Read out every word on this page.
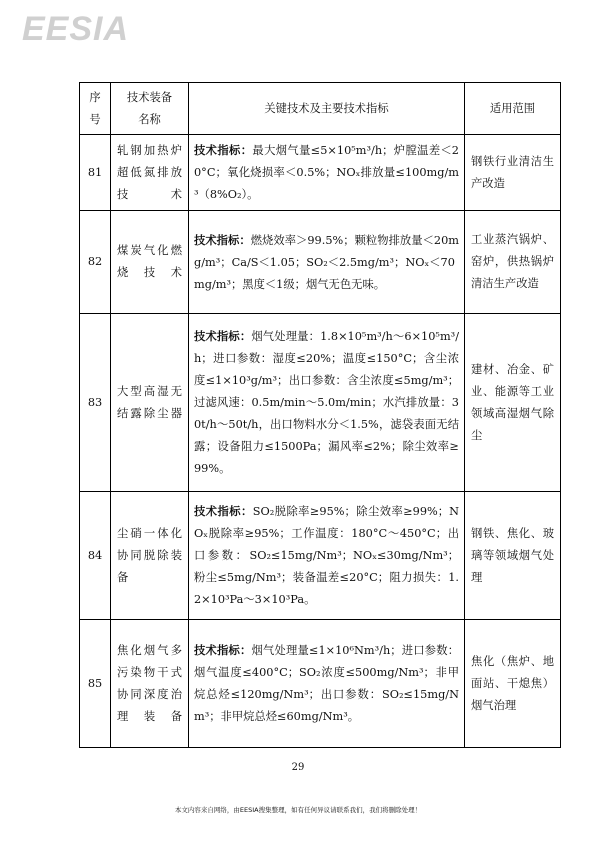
EESIA
序号	技术装备名称	关键技术及主要技术指标	适用范围
81	轧钢加热炉超低氮排放技术	技术指标：最大烟气量≤5×10⁵m³/h；炉膛温差＜20°C；氧化烧损率＜0.5%；NOₓ排放量≤100mg/m³（8%O₂）。	钢铁行业清洁生产改造
82	煤炭气化燃烧技术	技术指标：燃烧效率＞99.5%；颗粒物排放量＜20mg/m³；Ca/S＜1.05；SO₂＜2.5mg/m³；NOₓ＜70mg/m³；黑度＜1级；烟气无色无味。	工业蒸汽锅炉、窑炉，供热锅炉清洁生产改造
83	大型高湿无结露除尘器	技术指标：烟气处理量：1.8×10⁵m³/h～6×10⁵m³/h；进口参数：湿度≤20%；温度≤150°C；含尘浓度≤1×10³g/m³；出口参数：含尘浓度≤5mg/m³；过滤风速：0.5m/min～5.0m/min；水汽排放量：30t/h～50t/h，出口物料水分＜1.5%，滤袋表面无结露；设备阻力≤1500Pa；漏风率≤2%；除尘效率≥99%。	建材、冶金、矿业、能源等工业领域高湿烟气除尘
84	尘硝一体化协同脱除装备	技术指标：SO₂脱除率≥95%；除尘效率≥99%；NOₓ脱除率≥95%；工作温度：180°C～450°C；出口参数：SO₂≤15mg/Nm³；NOₓ≤30mg/Nm³；粉尘≤5mg/Nm³；装备温差≤20°C；阻力损失：1.2×10³Pa～3×10³Pa。	钢铁、焦化、玻璃等领域烟气处理
85	焦化烟气多污染物干式协同深度治理装备	技术指标：烟气处理量≤1×10⁶Nm³/h；进口参数：烟气温度≤400°C；SO₂浓度≤500mg/Nm³；非甲烷总烃≤120mg/Nm³；出口参数：SO₂≤15mg/Nm³；非甲烷总烃≤60mg/Nm³。	焦化（焦炉、地面站、干熄焦）烟气治理
29
本文内容来自网络，由EESIA搜集整理，如有任何异议请联系我们，我们将删除处理！
